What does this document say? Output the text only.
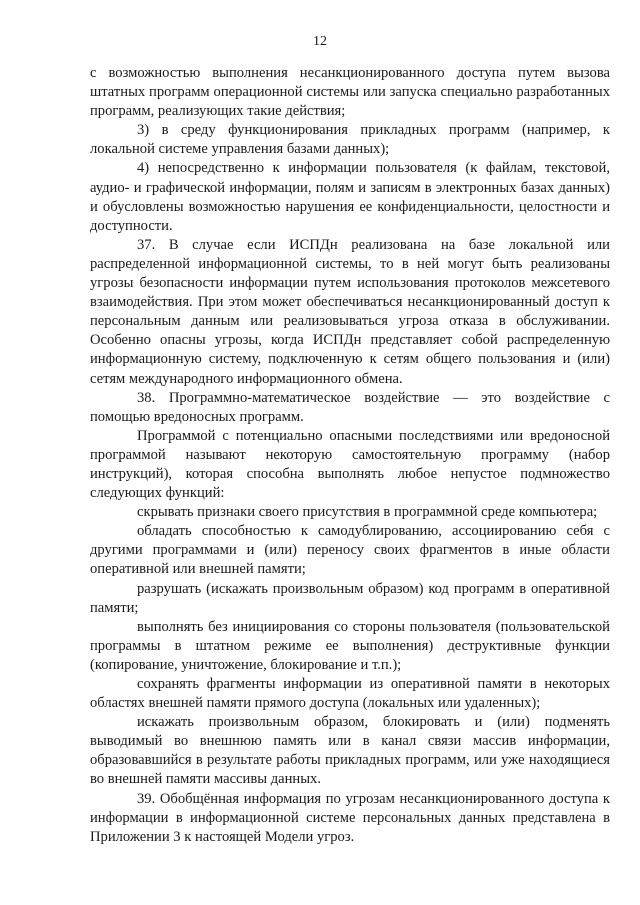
12

с возможностью выполнения несанкционированного доступа путем вызова штатных программ операционной системы или запуска специально разработанных программ, реализующих такие действия;

3) в среду функционирования прикладных программ (например, к локальной системе управления базами данных);

4) непосредственно к информации пользователя (к файлам, текстовой, аудио- и графической информации, полям и записям в электронных базах данных) и обусловлены возможностью нарушения ее конфиденциальности, целостности и доступности.

37. В случае если ИСПДн реализована на базе локальной или распределенной информационной системы, то в ней могут быть реализованы угрозы безопасности информации путем использования протоколов межсетевого взаимодействия. При этом может обеспечиваться несанкционированный доступ к персональным данным или реализовываться угроза отказа в обслуживании. Особенно опасны угрозы, когда ИСПДн представляет собой распределенную информационную систему, подключенную к сетям общего пользования и (или) сетям международного информационного обмена.

38. Программно-математическое воздействие — это воздействие с помощью вредоносных программ.

Программой с потенциально опасными последствиями или вредоносной программой называют некоторую самостоятельную программу (набор инструкций), которая способна выполнять любое непустое подмножество следующих функций:

скрывать признаки своего присутствия в программной среде компьютера;

обладать способностью к самодублированию, ассоциированию себя с другими программами и (или) переносу своих фрагментов в иные области оперативной или внешней памяти;

разрушать (искажать произвольным образом) код программ в оперативной памяти;

выполнять без инициирования со стороны пользователя (пользовательской программы в штатном режиме ее выполнения) деструктивные функции (копирование, уничтожение, блокирование и т.п.);

сохранять фрагменты информации из оперативной памяти в некоторых областях внешней памяти прямого доступа (локальных или удаленных);

искажать произвольным образом, блокировать и (или) подменять выводимый во внешнюю память или в канал связи массив информации, образовавшийся в результате работы прикладных программ, или уже находящиеся во внешней памяти массивы данных.

39. Обобщённая информация по угрозам несанкционированного доступа к информации в информационной системе персональных данных представлена в Приложении 3 к настоящей Модели угроз.
